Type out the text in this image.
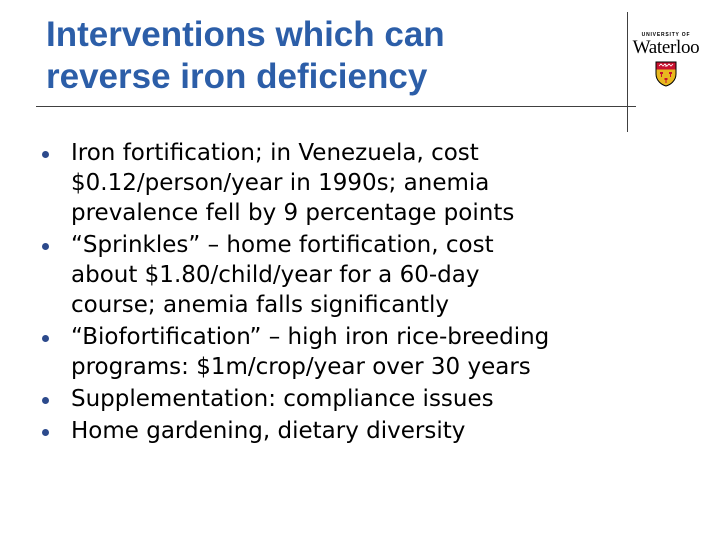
Interventions which can
reverse iron deficiency
UNIVERSITY OF
Waterloo
Iron fortification; in Venezuela, cost
$0.12/person/year in 1990s; anemia
prevalence fell by 9 percentage points
“Sprinkles” – home fortification, cost
about $1.80/child/year for a 60-day
course; anemia falls significantly
“Biofortification” – high iron rice-breeding
programs: $1m/crop/year over 30 years
Supplementation: compliance issues
Home gardening, dietary diversity
